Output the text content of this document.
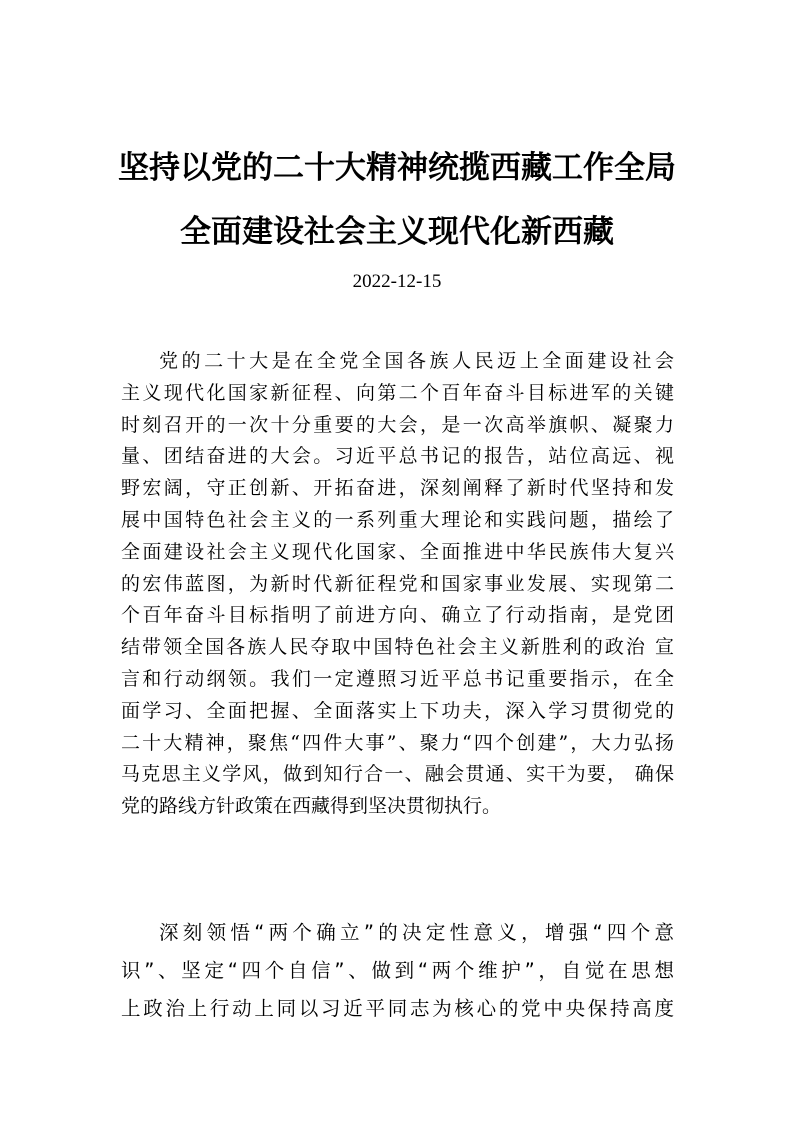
坚持以党的二十大精神统揽西藏工作全局
全面建设社会主义现代化新西藏
2022-12-15
党的二十大是在全党全国各族人民迈上全面建设社会
主义现代化国家新征程、向第二个百年奋斗目标进军的关键
时刻召开的一次十分重要的大会，是一次高举旗帜、凝聚力
量、团结奋进的大会。习近平总书记的报告，站位高远、视
野宏阔，守正创新、开拓奋进，深刻阐释了新时代坚持和发
展中国特色社会主义的一系列重大理论和实践问题，描绘了
全面建设社会主义现代化国家、全面推进中华民族伟大复兴
的宏伟蓝图，为新时代新征程党和国家事业发展、实现第二
个百年奋斗目标指明了前进方向、确立了行动指南，是党团
结带领全国各族人民夺取中国特色社会主义新胜利的政治 宣
言和行动纲领。我们一定遵照习近平总书记重要指示，在全
面学习、全面把握、全面落实上下功夫，深入学习贯彻党的
二十大精神，聚焦“四件大事”、聚力“四个创建”，大力弘扬
马克思主义学风，做到知行合一、融会贯通、实干为要， 确保
党的路线方针政策在西藏得到坚决贯彻执行。
深刻领悟“两个确立”的决定性意义，增强“四个意
识”、坚定“四个自信”、做到“两个维护”，自觉在思想
上政治上行动上同以习近平同志为核心的党中央保持高度
